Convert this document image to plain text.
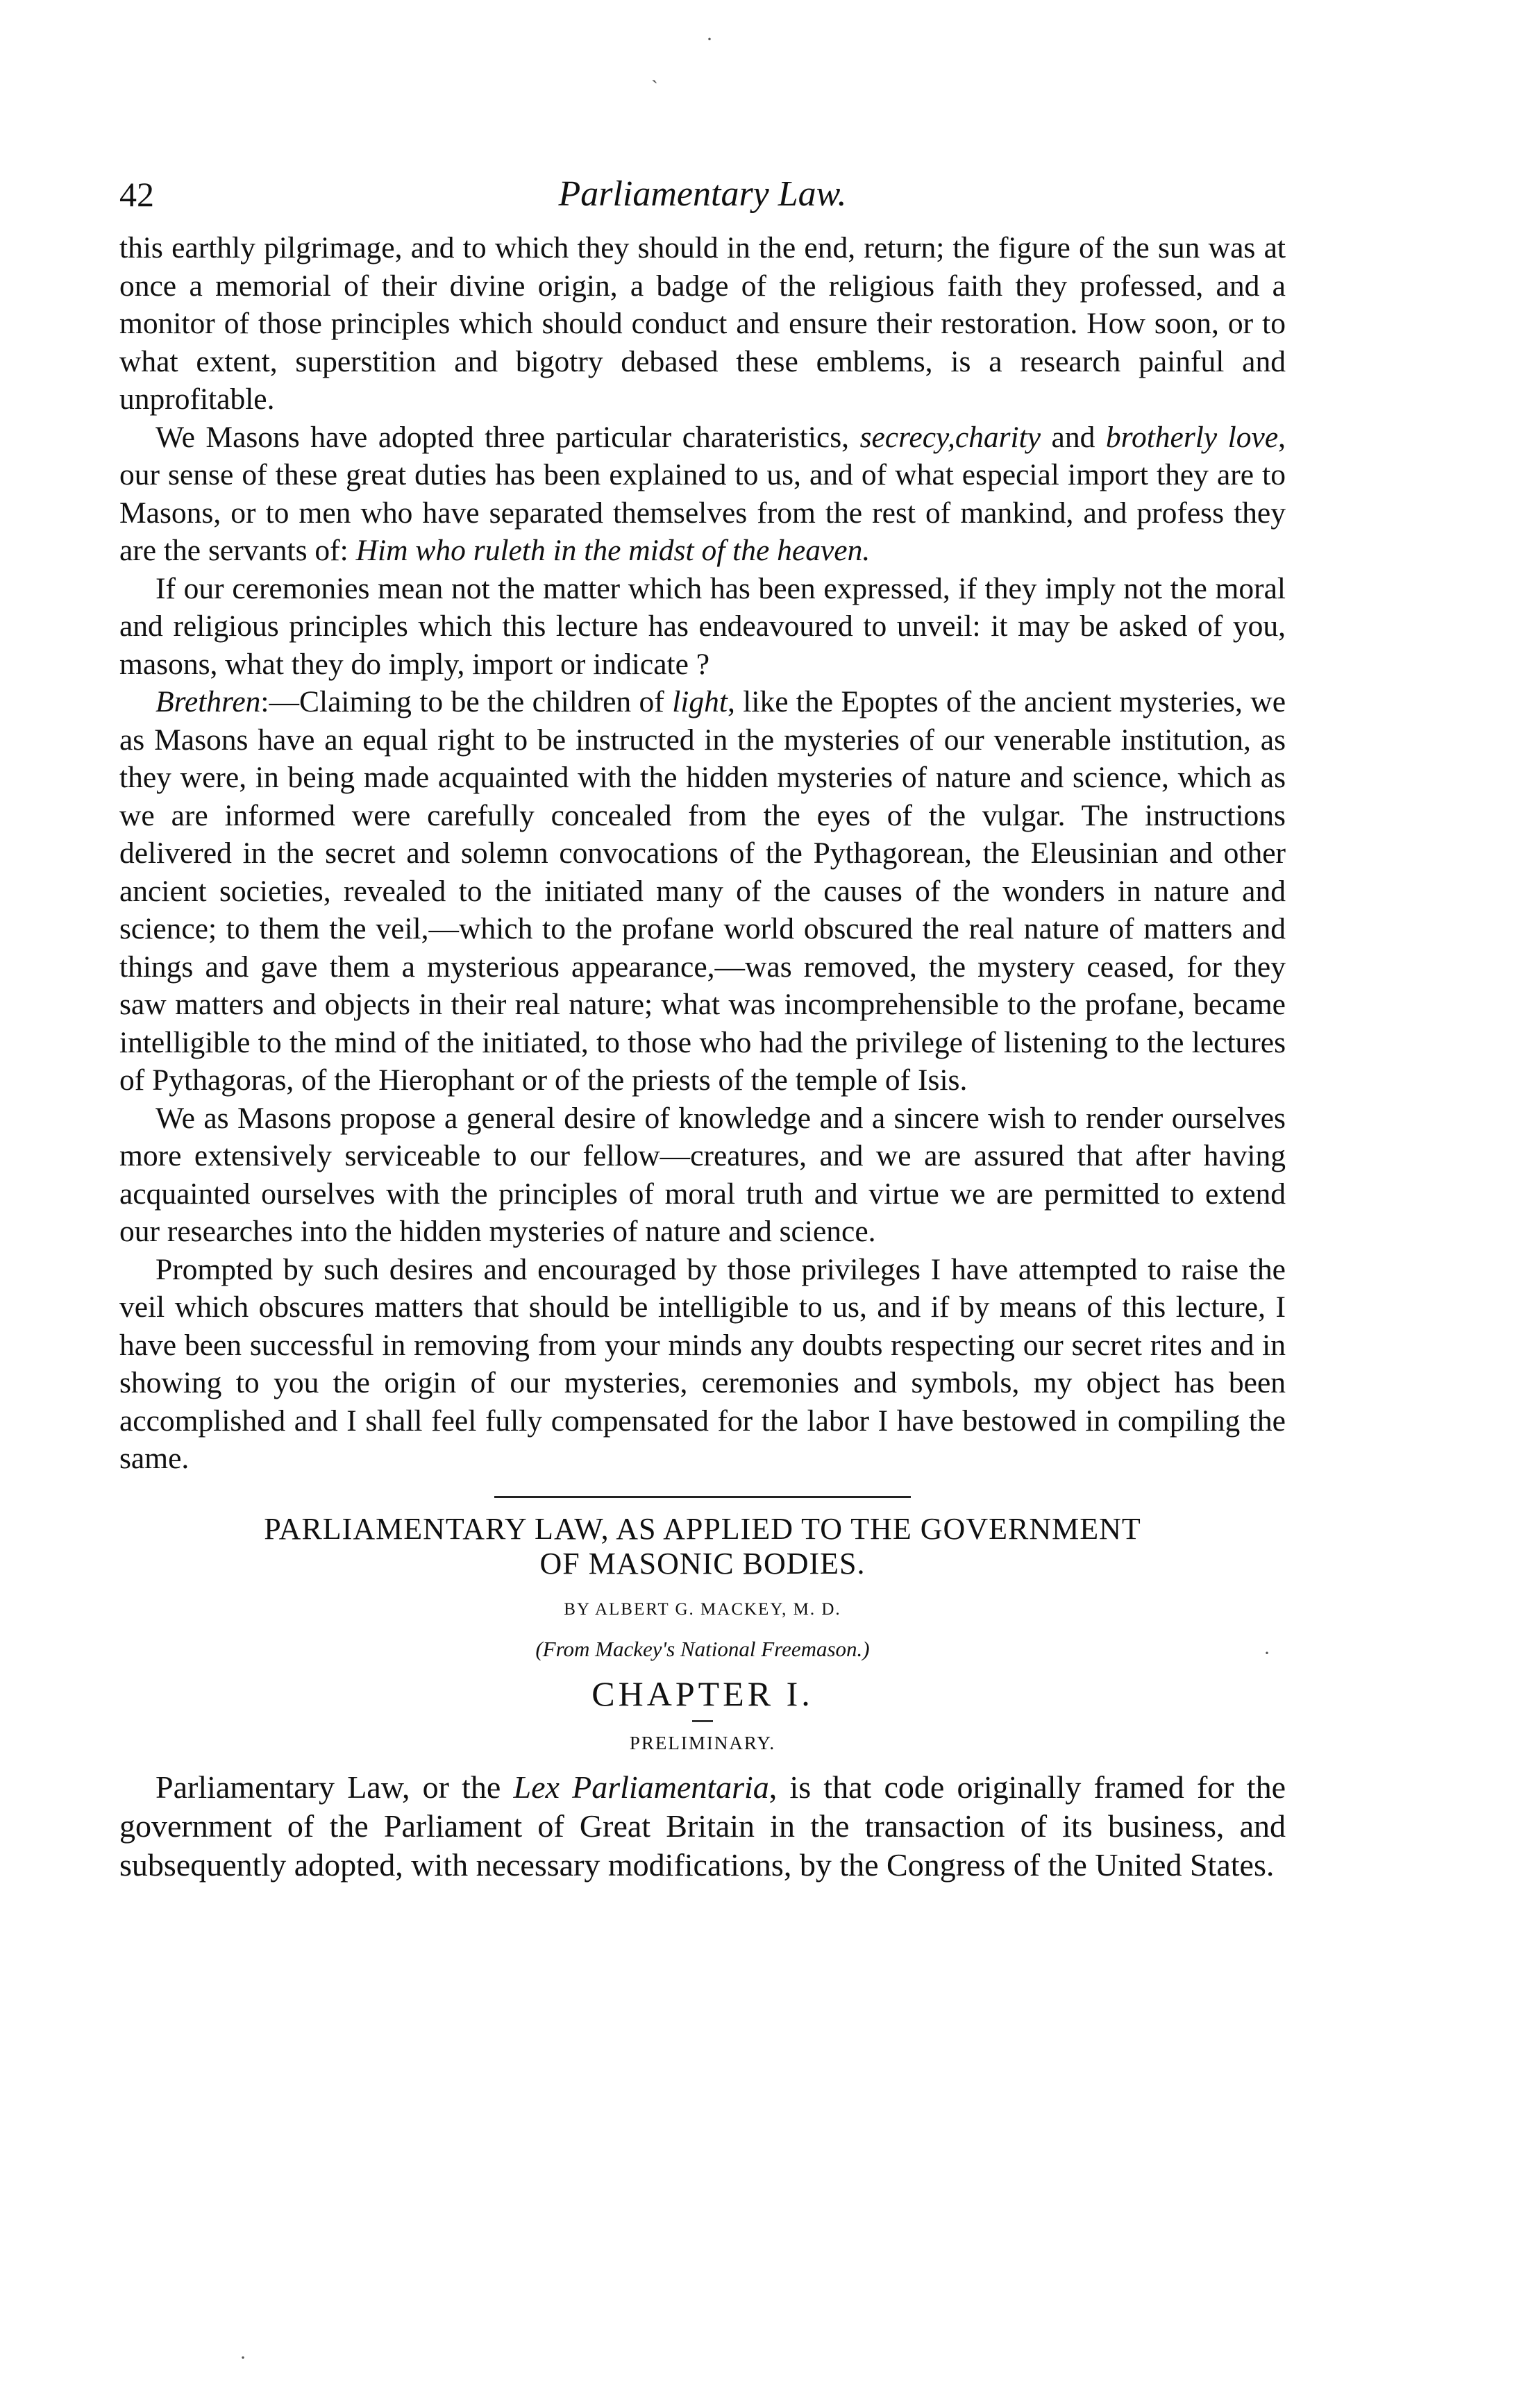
·
ˋ
42	Parliamentary Law.

this earthly pilgrimage, and to which they should in the end, return; the figure of the sun was at once a memorial of their divine origin, a badge of the religious faith they professed, and a monitor of those principles which should conduct and ensure their restoration. How soon, or to what extent, superstition and bigotry debased these emblems, is a research painful and unprofitable.

We Masons have adopted three particular charateristics, secrecy,charity and brotherly love, our sense of these great duties has been explained to us, and of what especial import they are to Masons, or to men who have separated themselves from the rest of mankind, and profess they are the servants of: Him who ruleth in the midst of the heaven.

If our ceremonies mean not the matter which has been expressed, if they imply not the moral and religious principles which this lecture has endeavoured to unveil: it may be asked of you, masons, what they do imply, import or indicate ?

Brethren:—Claiming to be the children of light, like the Epoptes of the ancient mysteries, we as Masons have an equal right to be instructed in the mysteries of our venerable institution, as they were, in being made acquainted with the hidden mysteries of nature and science, which as we are informed were carefully concealed from the eyes of the vulgar. The instructions delivered in the secret and solemn convocations of the Pythagorean, the Eleusinian and other ancient societies, revealed to the initiated many of the causes of the wonders in nature and science; to them the veil,—which to the profane world obscured the real nature of matters and things and gave them a mysterious appearance,—was removed, the mystery ceased, for they saw matters and objects in their real nature; what was incomprehensible to the profane, became intelligible to the mind of the initiated, to those who had the privilege of listening to the lectures of Pythagoras, of the Hierophant or of the priests of the temple of Isis.

We as Masons propose a general desire of knowledge and a sincere wish to render ourselves more extensively serviceable to our fellow—creatures, and we are assured that after having acquainted ourselves with the principles of moral truth and virtue we are permitted to extend our researches into the hidden mysteries of nature and science.

Prompted by such desires and encouraged by those privileges I have attempted to raise the veil which obscures matters that should be intelligible to us, and if by means of this lecture, I have been successful in removing from your minds any doubts respecting our secret rites and in showing to you the origin of our mysteries, ceremonies and symbols, my object has been accomplished and I shall feel fully compensated for the labor I have bestowed in compiling the same.

PARLIAMENTARY LAW, AS APPLIED TO THE GOVERNMENT
OF MASONIC BODIES.

BY ALBERT G. MACKEY, M. D.

(From Mackey's National Freemason.)

CHAPTER I.

PRELIMINARY.

Parliamentary Law, or the Lex Parliamentaria, is that code originally framed for the government of the Parliament of Great Britain in the transaction of its business, and subsequently adopted, with necessary modifications, by the Congress of the United States.

·
·
